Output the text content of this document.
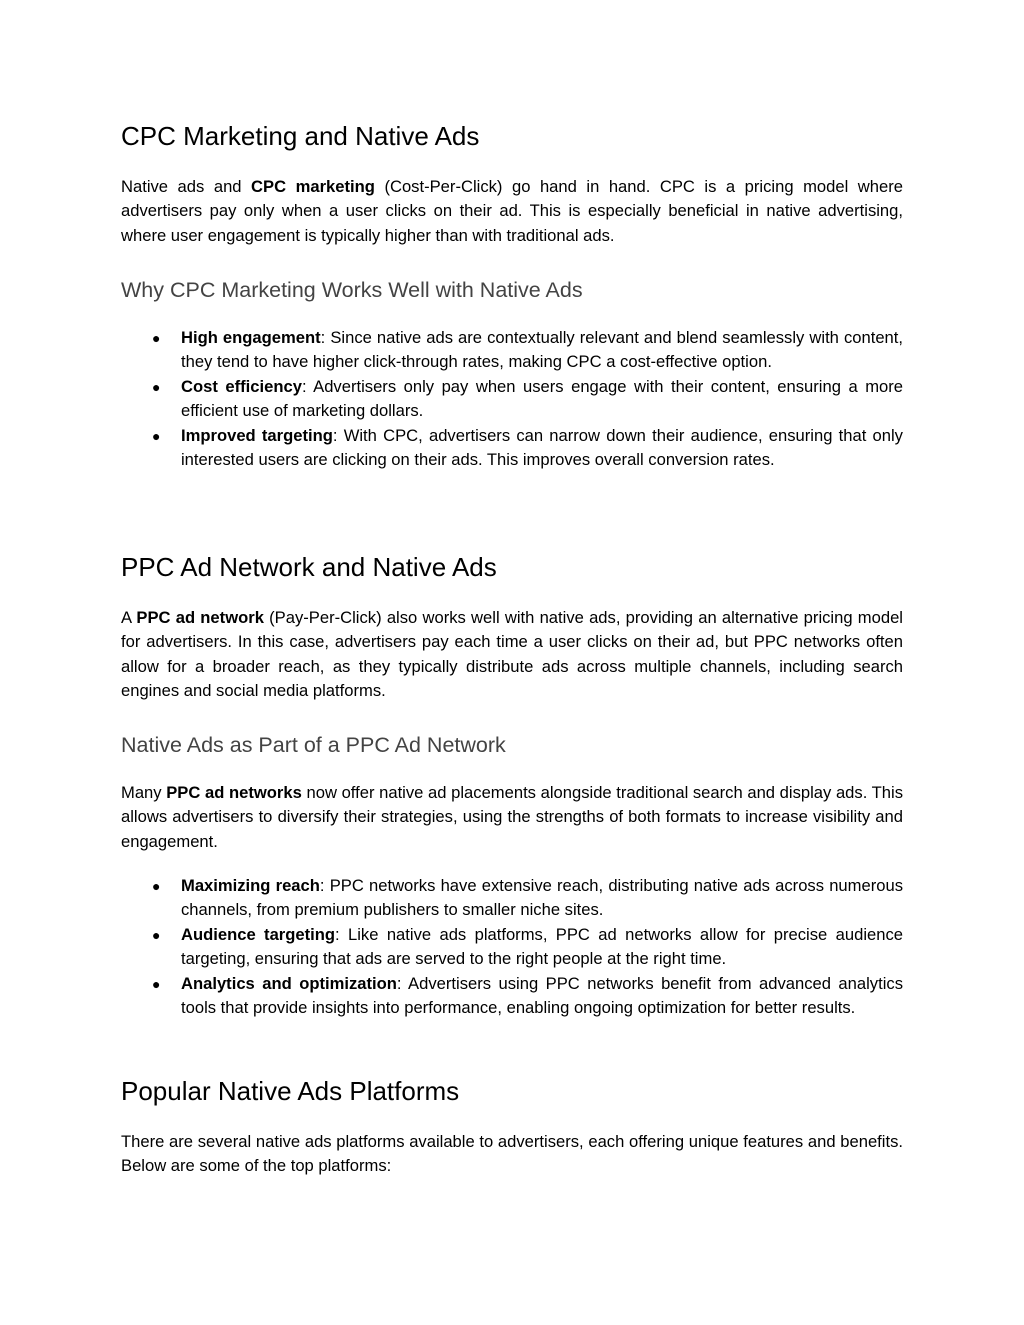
CPC Marketing and Native Ads

Native ads and CPC marketing (Cost-Per-Click) go hand in hand. CPC is a pricing model where advertisers pay only when a user clicks on their ad. This is especially beneficial in native advertising, where user engagement is typically higher than with traditional ads.

Why CPC Marketing Works Well with Native Ads
● High engagement: Since native ads are contextually relevant and blend seamlessly with content, they tend to have higher click-through rates, making CPC a cost-effective option.
● Cost efficiency: Advertisers only pay when users engage with their content, ensuring a more efficient use of marketing dollars.
● Improved targeting: With CPC, advertisers can narrow down their audience, ensuring that only interested users are clicking on their ads. This improves overall conversion rates.
PPC Ad Network and Native Ads

A PPC ad network (Pay-Per-Click) also works well with native ads, providing an alternative pricing model for advertisers. In this case, advertisers pay each time a user clicks on their ad, but PPC networks often allow for a broader reach, as they typically distribute ads across multiple channels, including search engines and social media platforms.

Native Ads as Part of a PPC Ad Network

Many PPC ad networks now offer native ad placements alongside traditional search and display ads. This allows advertisers to diversify their strategies, using the strengths of both formats to increase visibility and engagement.

● Maximizing reach: PPC networks have extensive reach, distributing native ads across numerous channels, from premium publishers to smaller niche sites.
● Audience targeting: Like native ads platforms, PPC ad networks allow for precise audience targeting, ensuring that ads are served to the right people at the right time.
● Analytics and optimization: Advertisers using PPC networks benefit from advanced analytics tools that provide insights into performance, enabling ongoing optimization for better results.
Popular Native Ads Platforms

There are several native ads platforms available to advertisers, each offering unique features and benefits. Below are some of the top platforms:
